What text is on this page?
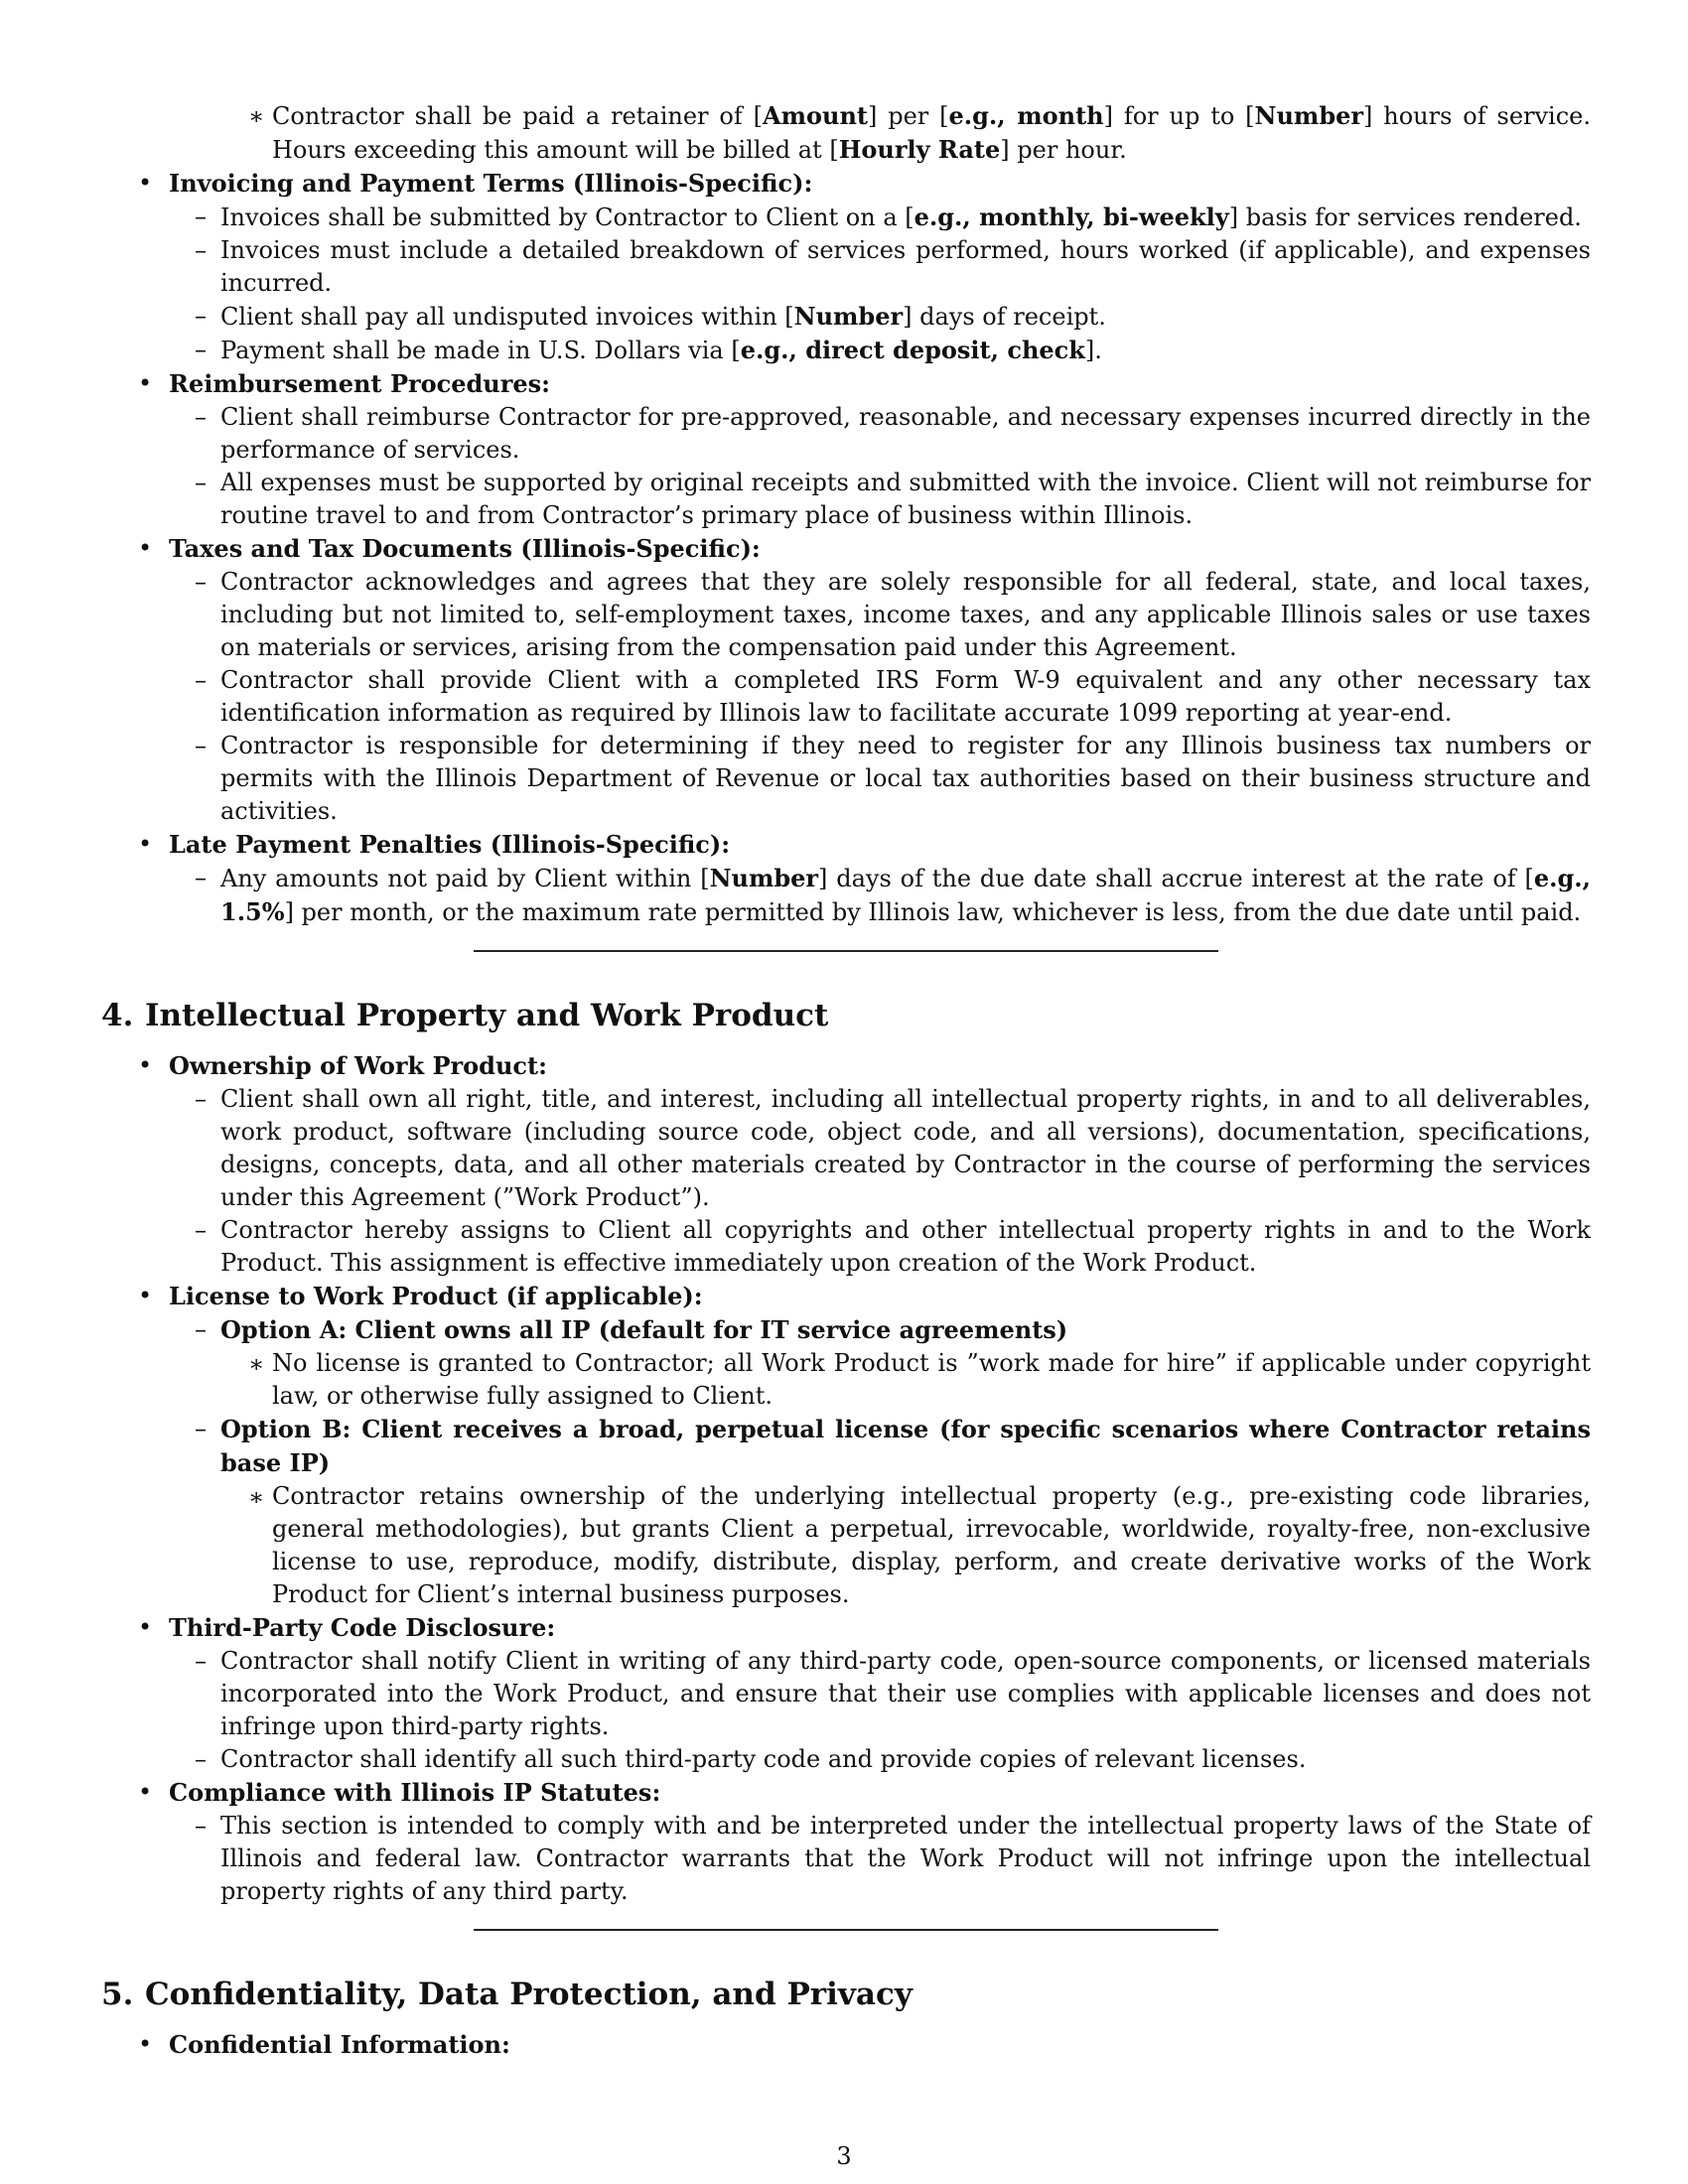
∗ Contractor shall be paid a retainer of [Amount] per [e.g., month] for up to [Number] hours of service. Hours exceeding this amount will be billed at [Hourly Rate] per hour.
• Invoicing and Payment Terms (Illinois-Specific):
– Invoices shall be submitted by Contractor to Client on a [e.g., monthly, bi-weekly] basis for services rendered.
– Invoices must include a detailed breakdown of services performed, hours worked (if applicable), and expenses incurred.
– Client shall pay all undisputed invoices within [Number] days of receipt.
– Payment shall be made in U.S. Dollars via [e.g., direct deposit, check].
• Reimbursement Procedures:
– Client shall reimburse Contractor for pre-approved, reasonable, and necessary expenses incurred directly in the performance of services.
– All expenses must be supported by original receipts and submitted with the invoice. Client will not reimburse for routine travel to and from Contractor’s primary place of business within Illinois.
• Taxes and Tax Documents (Illinois-Specific):
– Contractor acknowledges and agrees that they are solely responsible for all federal, state, and local taxes, including but not limited to, self-employment taxes, income taxes, and any applicable Illinois sales or use taxes on materials or services, arising from the compensation paid under this Agreement.
– Contractor shall provide Client with a completed IRS Form W-9 equivalent and any other necessary tax identification information as required by Illinois law to facilitate accurate 1099 reporting at year-end.
– Contractor is responsible for determining if they need to register for any Illinois business tax numbers or permits with the Illinois Department of Revenue or local tax authorities based on their business structure and activities.
• Late Payment Penalties (Illinois-Specific):
– Any amounts not paid by Client within [Number] days of the due date shall accrue interest at the rate of [e.g., 1.5%] per month, or the maximum rate permitted by Illinois law, whichever is less, from the due date until paid.
4. Intellectual Property and Work Product
• Ownership of Work Product:
– Client shall own all right, title, and interest, including all intellectual property rights, in and to all deliverables, work product, software (including source code, object code, and all versions), documentation, specifications, designs, concepts, data, and all other materials created by Contractor in the course of performing the services under this Agreement (”Work Product”).
– Contractor hereby assigns to Client all copyrights and other intellectual property rights in and to the Work Product. This assignment is effective immediately upon creation of the Work Product.
• License to Work Product (if applicable):
– Option A: Client owns all IP (default for IT service agreements)
∗ No license is granted to Contractor; all Work Product is ”work made for hire” if applicable under copyright law, or otherwise fully assigned to Client.
– Option B: Client receives a broad, perpetual license (for specific scenarios where Contractor retains base IP)
∗ Contractor retains ownership of the underlying intellectual property (e.g., pre-existing code libraries, general methodologies), but grants Client a perpetual, irrevocable, worldwide, royalty-free, non-exclusive license to use, reproduce, modify, distribute, display, perform, and create derivative works of the Work Product for Client’s internal business purposes.
• Third-Party Code Disclosure:
– Contractor shall notify Client in writing of any third-party code, open-source components, or licensed materials incorporated into the Work Product, and ensure that their use complies with applicable licenses and does not infringe upon third-party rights.
– Contractor shall identify all such third-party code and provide copies of relevant licenses.
• Compliance with Illinois IP Statutes:
– This section is intended to comply with and be interpreted under the intellectual property laws of the State of Illinois and federal law. Contractor warrants that the Work Product will not infringe upon the intellectual property rights of any third party.
5. Confidentiality, Data Protection, and Privacy
• Confidential Information:
3
